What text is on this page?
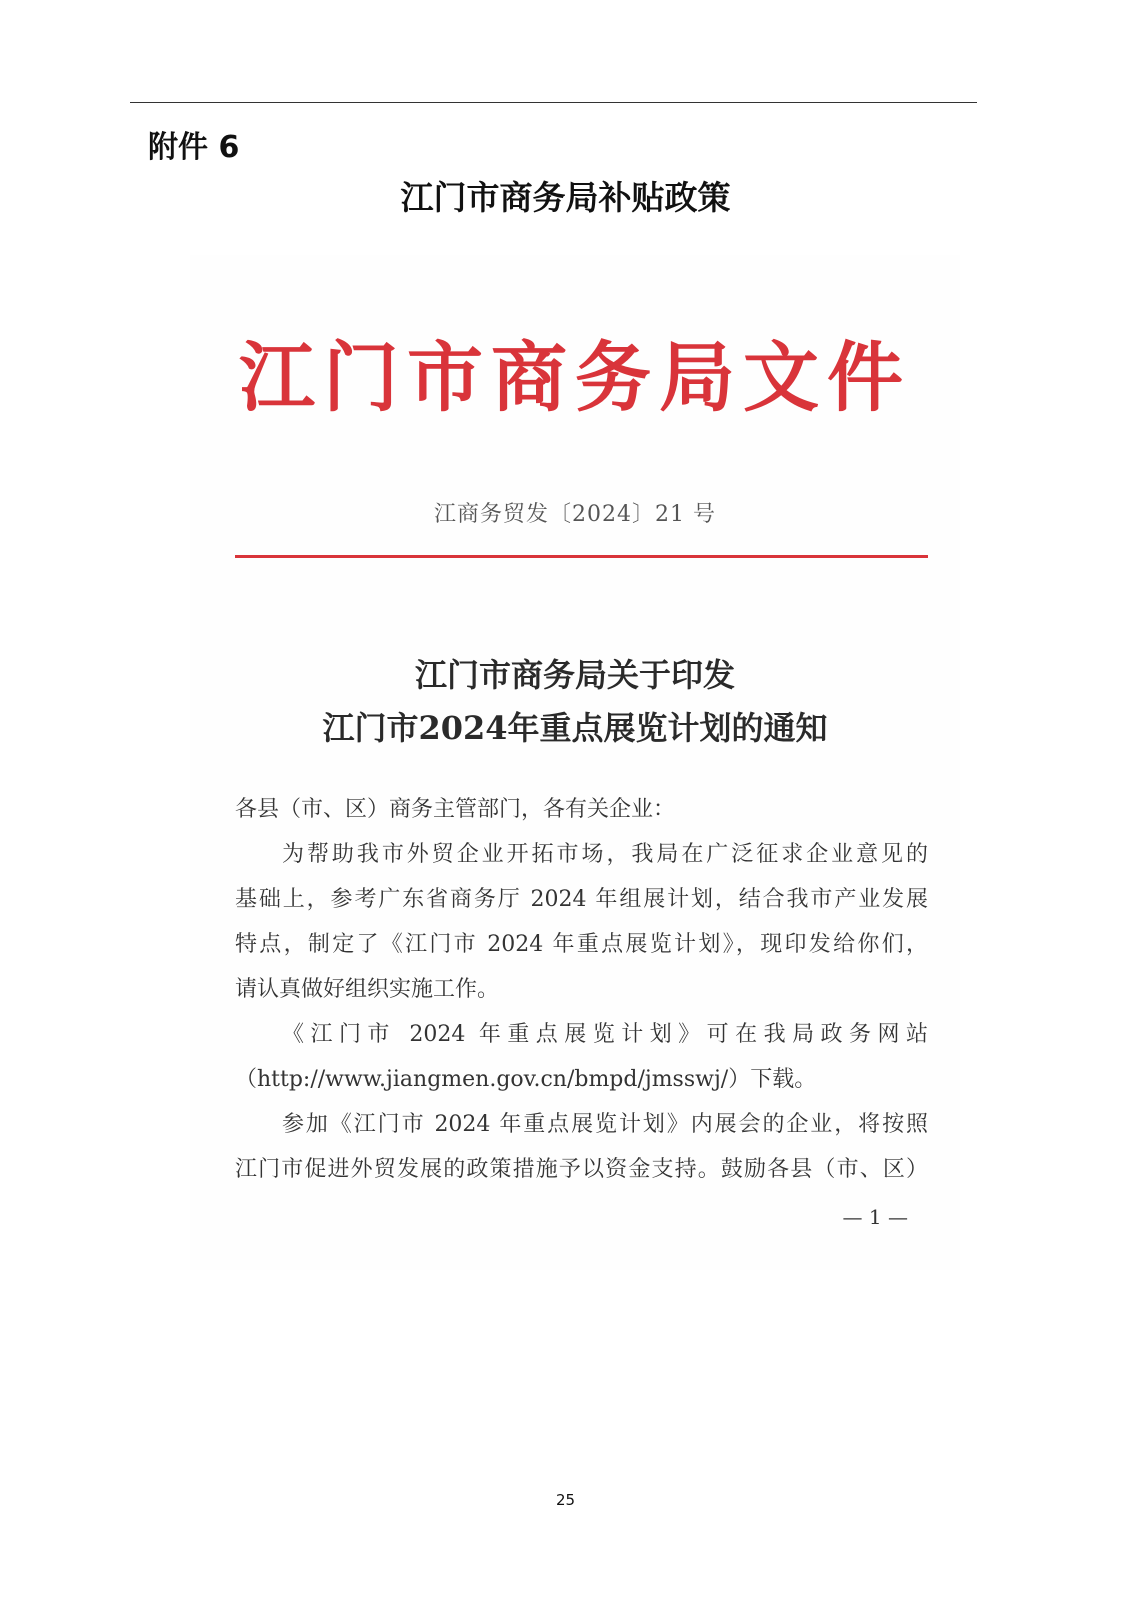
附件 6
江门市商务局补贴政策
江门市商务局文件
江商务贸发〔2024〕21 号
江门市商务局关于印发
江门市2024年重点展览计划的通知
各县（市、区）商务主管部门，各有关企业：
为帮助我市外贸企业开拓市场，我局在广泛征求企业意见的
基础上，参考广东省商务厅 2024 年组展计划，结合我市产业发展
特点，制定了《江门市 2024 年重点展览计划》，现印发给你们，
请认真做好组织实施工作。
《江门市 2024 年重点展览计划》可在我局政务网站
（http://www.jiangmen.gov.cn/bmpd/jmsswj/）下载。
参加《江门市 2024 年重点展览计划》内展会的企业，将按照
江门市促进外贸发展的政策措施予以资金支持。鼓励各县（市、区）
— 1 —
25
